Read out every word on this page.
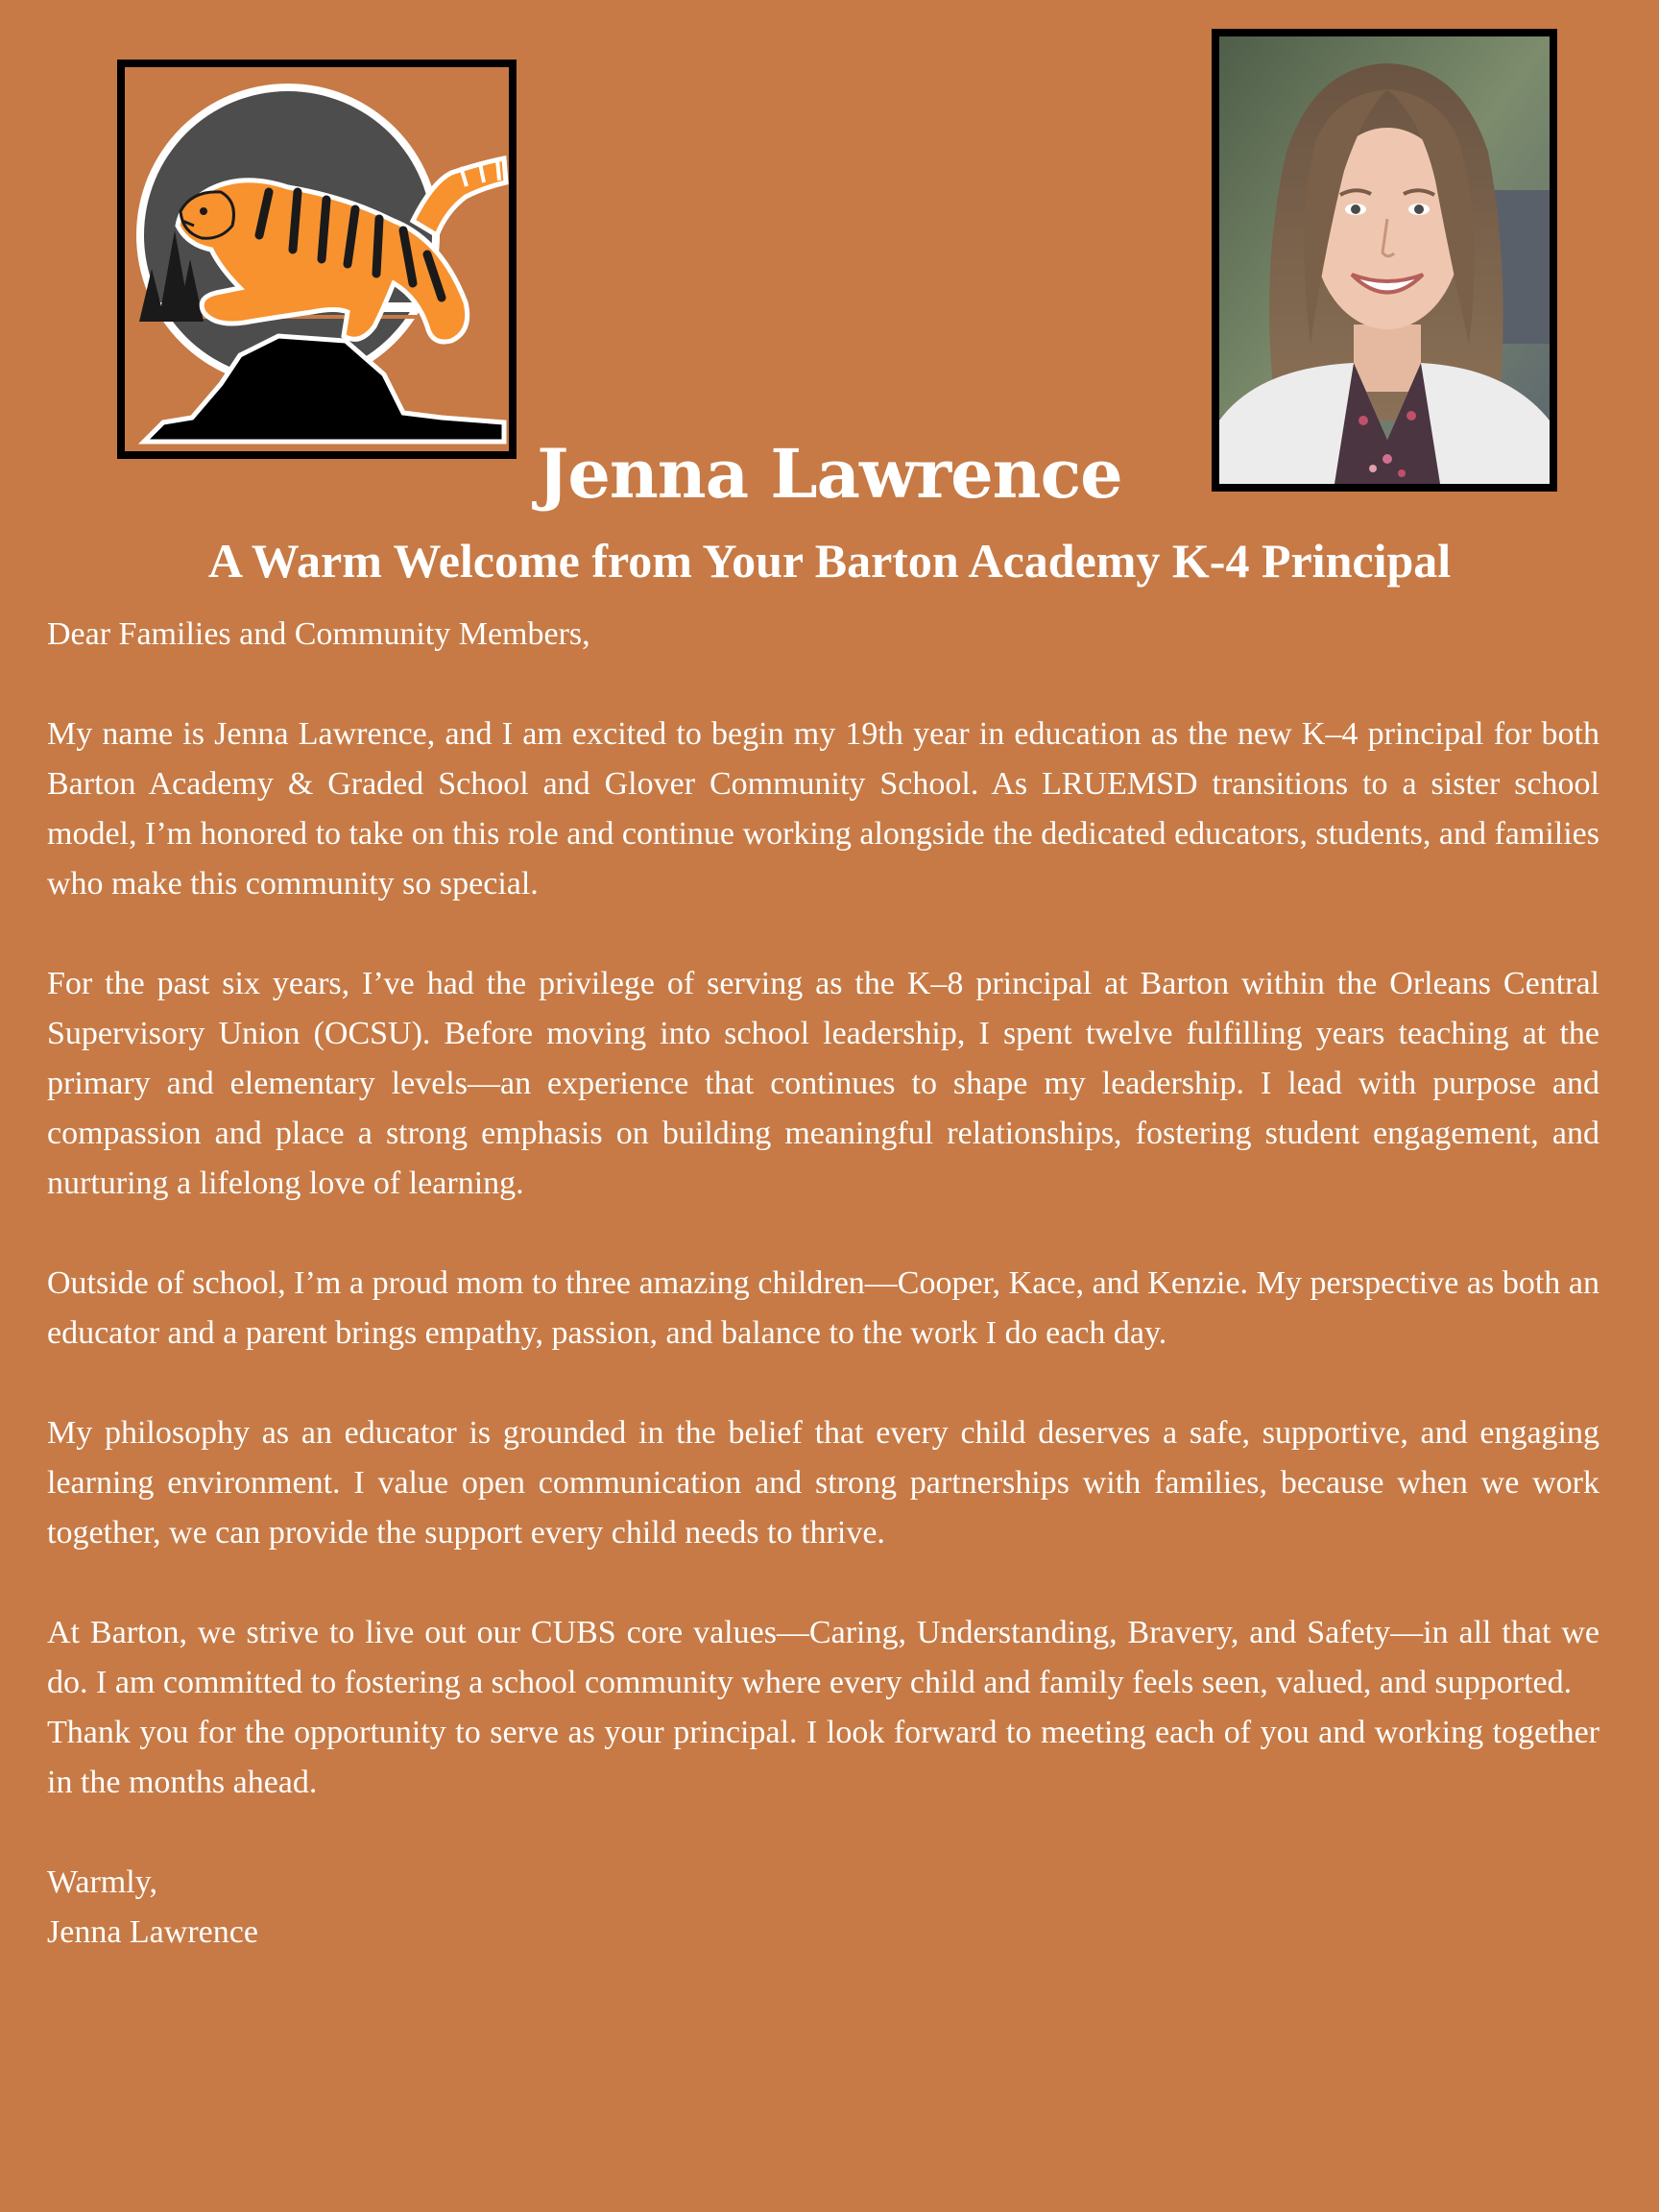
Jenna Lawrence
A Warm Welcome from Your Barton Academy K-4 Principal

Dear Families and Community Members,

My name is Jenna Lawrence, and I am excited to begin my 19th year in education as the new K–4 principal for both Barton Academy & Graded School and Glover Community School. As LRUEMSD transitions to a sister school model, I’m honored to take on this role and continue working alongside the dedicated educators, students, and families who make this community so special.

For the past six years, I’ve had the privilege of serving as the K–8 principal at Barton within the Orleans Central Supervisory Union (OCSU). Before moving into school leadership, I spent twelve fulfilling years teaching at the primary and elementary levels—an experience that continues to shape my leadership. I lead with purpose and compassion and place a strong emphasis on building meaningful relationships, fostering student engagement, and nurturing a lifelong love of learning.

Outside of school, I’m a proud mom to three amazing children—Cooper, Kace, and Kenzie. My perspective as both an educator and a parent brings empathy, passion, and balance to the work I do each day.

My philosophy as an educator is grounded in the belief that every child deserves a safe, supportive, and engaging learning environment. I value open communication and strong partnerships with families, because when we work together, we can provide the support every child needs to thrive.

At Barton, we strive to live out our CUBS core values—Caring, Understanding, Bravery, and Safety—in all that we do. I am committed to fostering a school community where every child and family feels seen, valued, and supported.

Thank you for the opportunity to serve as your principal. I look forward to meeting each of you and working together in the months ahead.

Warmly,

Jenna Lawrence
